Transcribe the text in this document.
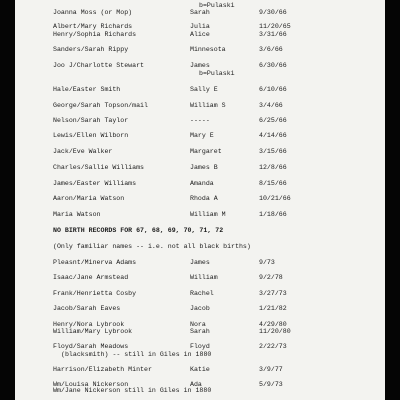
b=Pulaski
Joanna Moss (or Mop)	Sarah	9/30/66
Albert/Mary Richards	Julia	11/20/65
Henry/Sophia Richards	Alice	3/31/66
Sanders/Sarah Rippy	Minnesota	3/6/66
Joo J/Charlotte Stewart	James	6/30/66
Hale/Easter Smith	Sally E	6/10/66
George/Sarah Topson/mail	William S	3/4/66
Nelson/Sarah Taylor	-----	6/25/66
Lewis/Ellen Wilborn	Mary E	4/14/66
Jack/Eve Walker	Margaret	3/15/66
Charles/Sallie Williams	James B	12/8/66
James/Easter Williams	Amanda	8/15/66
Aaron/Maria Watson	Rhoda A	10/21/66
Maria Watson	William M	1/18/66
Pleasnt/Minerva Adams	James	9/73
Isaac/Jane Armstead	William	9/2/78
Frank/Henrietta Cosby	Rachel	3/27/73
Jacob/Sarah Eaves	Jacob	1/21/82
Henry/Nora Lybrook	Nora	4/29/80
William/Mary Lybrook	Sarah	11/20/80
Floyd/Sarah Meadows	Floyd	2/22/73
Harrison/Elizabeth Minter	Katie	3/9/77
Wm/Louisa Nickerson	Ada	5/9/73
b=Pulaski
NO BIRTH RECORDS FOR 67, 68, 69, 70, 71, 72
(Only familiar names -- i.e. not all black births)
(blacksmith) -- still in Giles in 1880
Wm/Jane Nickerson still in Giles in 1880
